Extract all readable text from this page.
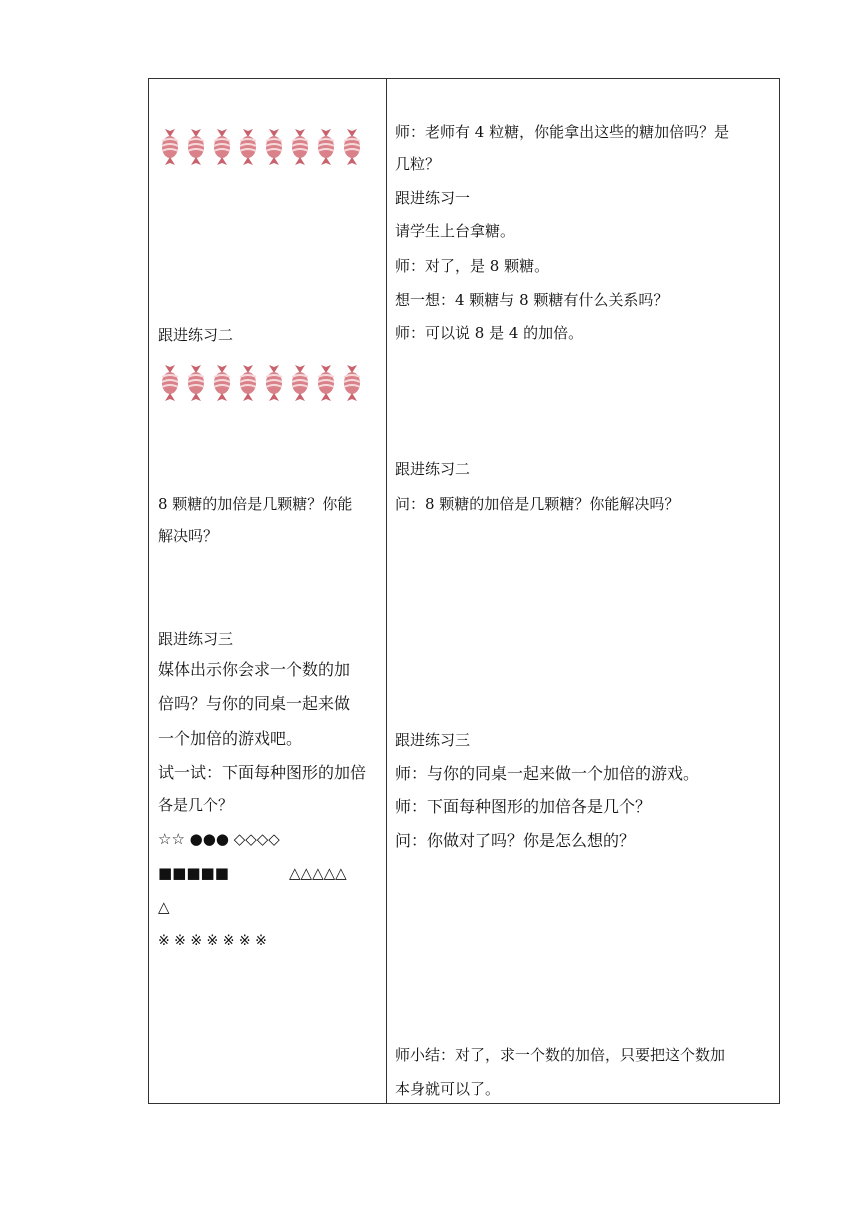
跟进练习二
8 颗糖的加倍是几颗糖？你能
解决吗？
跟进练习三
媒体出示你会求一个数的加
倍吗？与你的同桌一起来做
一个加倍的游戏吧。
试一试：下面每种图形的加倍
各是几个？
☆☆ ●●● ◇◇◇◇
■■■■■	△△△△△
△
※ ※ ※ ※ ※ ※ ※
师：老师有 4 粒糖，你能拿出这些的糖加倍吗？是
几粒？
跟进练习一
请学生上台拿糖。
师：对了，是 8 颗糖。
想一想：4 颗糖与 8 颗糖有什么关系吗？
师：可以说 8 是 4 的加倍。
跟进练习二
问：8 颗糖的加倍是几颗糖？你能解决吗？
跟进练习三
师：与你的同桌一起来做一个加倍的游戏。
师：下面每种图形的加倍各是几个？
问：你做对了吗？你是怎么想的？
师小结：对了，求一个数的加倍，只要把这个数加
本身就可以了。
